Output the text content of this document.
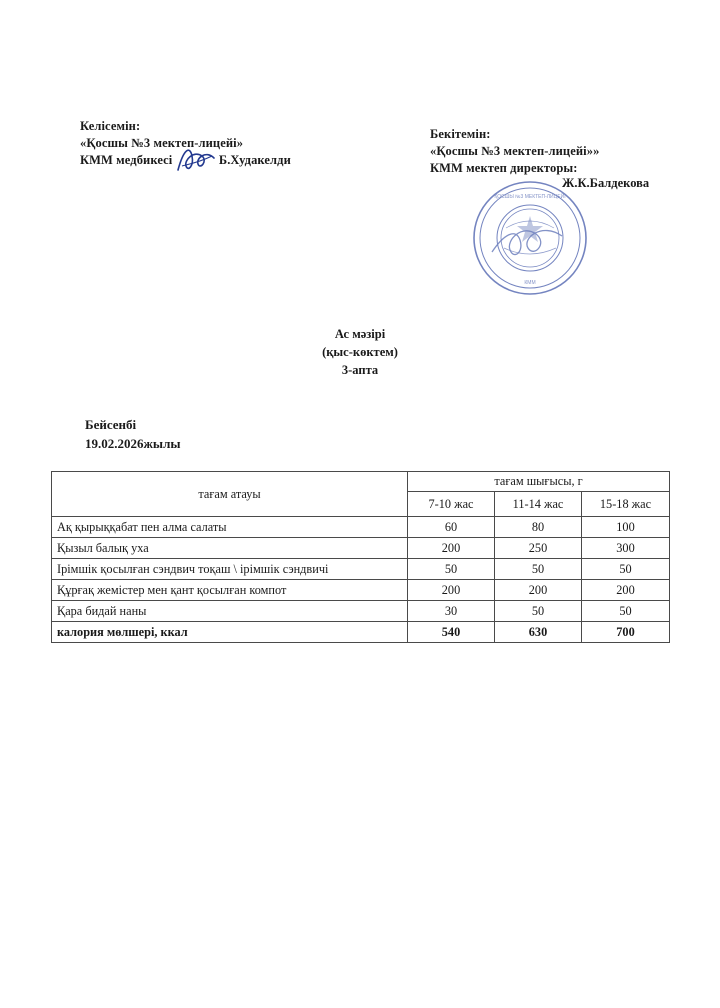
Келісемін:
«Қосшы №3 мектеп-лицейі»
КММ медбикесі	Б.Худакелди
Бекітемін:
«Қосшы №3 мектеп-лицейі»»
КММ мектеп директоры:
Ж.К.Балдекова
ҚОСШЫ №3 МЕКТЕП-ЛИЦЕЙІ
КММ
Ас мәзірі
(қыс-көктем)
3-апта
Бейсенбі
19.02.2026жылы
тағам атауы	тағам шығысы, г		
	7-10 жас	11-14 жас	15-18 жас
Ақ қырыққабат пен алма салаты	60	80	100
Қызыл балық уха	200	250	300
Ірімшік қосылған сэндвич тоқаш \ ірімшік сэндвичі	50	50	50
Құрғақ жемістер мен қант қосылған компот	200	200	200
Қара бидай наны	30	50	50
калория мөлшері, ккал	540	630	700
